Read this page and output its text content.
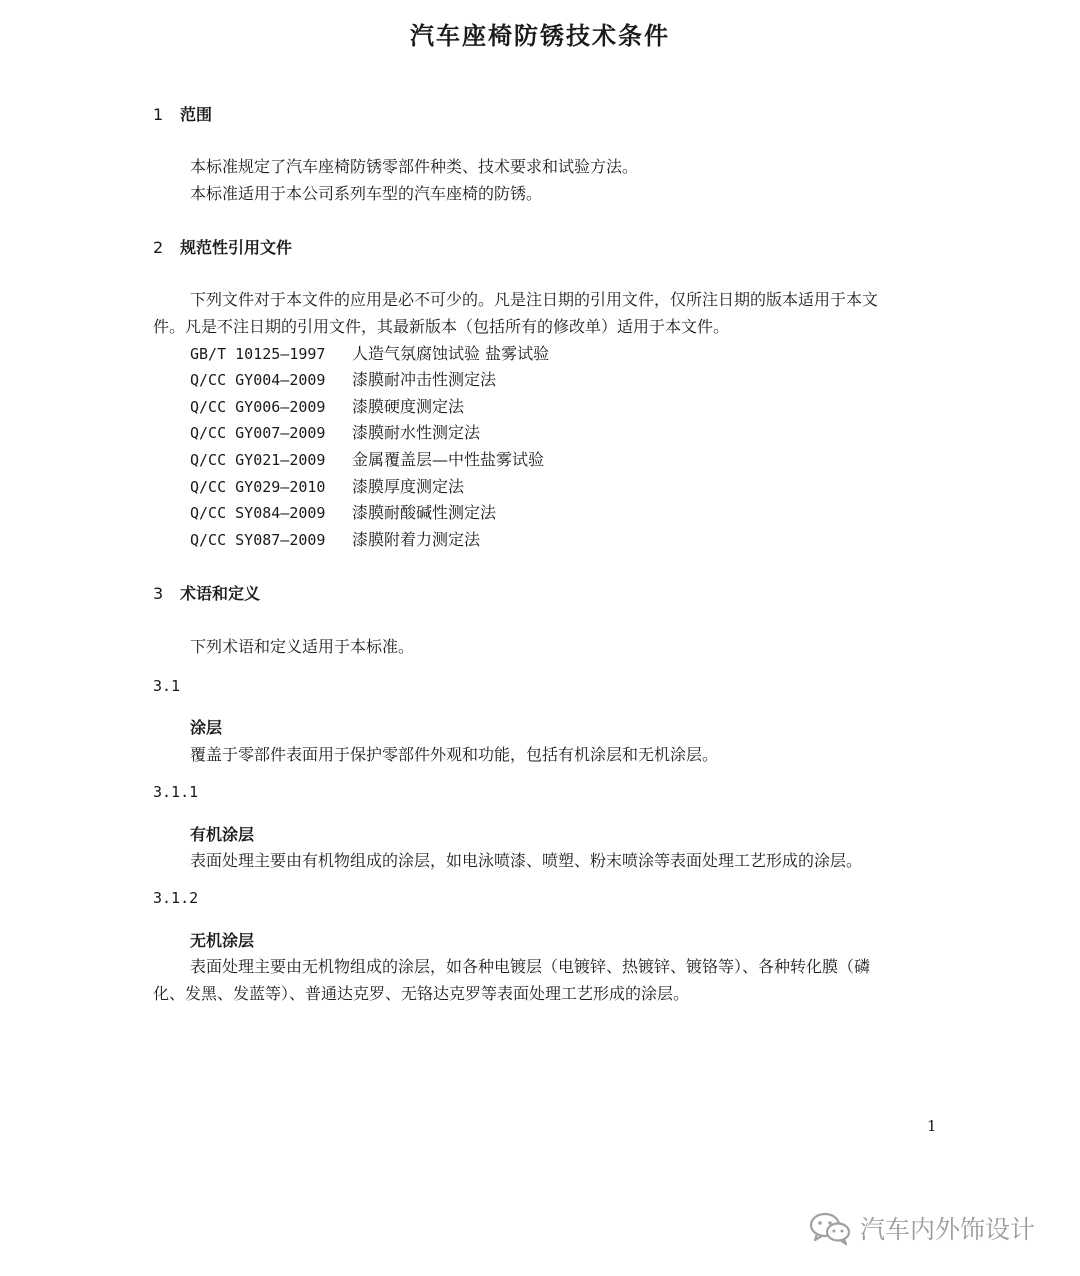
汽车座椅防锈技术条件
1 范围
本标准规定了汽车座椅防锈零部件种类、技术要求和试验方法。
本标准适用于本公司系列车型的汽车座椅的防锈。
2 规范性引用文件
下列文件对于本文件的应用是必不可少的。凡是注日期的引用文件，仅所注日期的版本适用于本文
件。凡是不注日期的引用文件，其最新版本（包括所有的修改单）适用于本文件。
GB/T 10125—1997 人造气氛腐蚀试验 盐雾试验
Q/CC GY004—2009 漆膜耐冲击性测定法
Q/CC GY006—2009 漆膜硬度测定法
Q/CC GY007—2009 漆膜耐水性测定法
Q/CC GY021—2009 金属覆盖层—中性盐雾试验
Q/CC GY029—2010 漆膜厚度测定法
Q/CC SY084—2009 漆膜耐酸碱性测定法
Q/CC SY087—2009 漆膜附着力测定法
3 术语和定义
下列术语和定义适用于本标准。
3.1
涂层
覆盖于零部件表面用于保护零部件外观和功能，包括有机涂层和无机涂层。
3.1.1
有机涂层
表面处理主要由有机物组成的涂层，如电泳喷漆、喷塑、粉末喷涂等表面处理工艺形成的涂层。
3.1.2
无机涂层
表面处理主要由无机物组成的涂层，如各种电镀层（电镀锌、热镀锌、镀铬等）、各种转化膜（磷
化、发黑、发蓝等）、普通达克罗、无铬达克罗等表面处理工艺形成的涂层。
1
汽车内外饰设计
